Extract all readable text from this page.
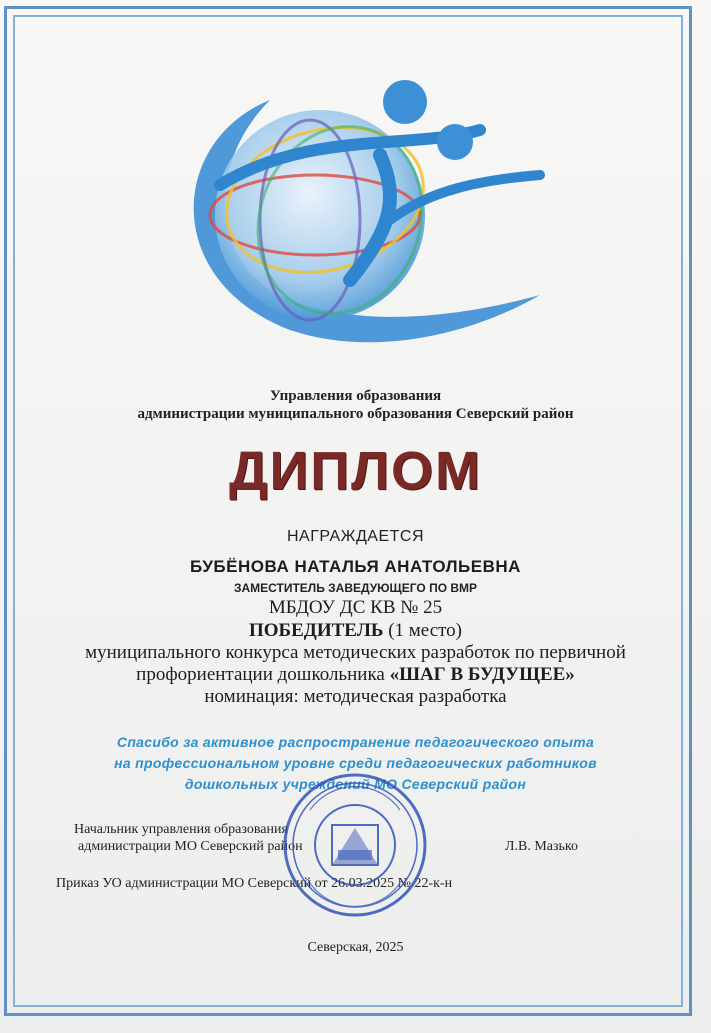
Управления образования
администрации муниципального образования Северский район
ДИПЛОМ
НАГРАЖДАЕТСЯ
БУБЁНОВА НАТАЛЬЯ АНАТОЛЬЕВНА
ЗАМЕСТИТЕЛЬ ЗАВЕДУЮЩЕГО ПО ВМР
МБДОУ ДС КВ № 25
ПОБЕДИТЕЛЬ (1 место)
муниципального конкурса методических разработок по первичной
профориентации дошкольника «ШАГ В БУДУЩЕЕ»
номинация: методическая разработка
Спасибо за активное распространение педагогического опыта
на профессиональном уровне среди педагогических работников
дошкольных учреждений МО Северский район
Начальник управления образования
администрации МО Северский район	Л.В. Мазько
Приказ УО администрации МО Северский от 26.03.2025 № 22-к-н
Северская, 2025
